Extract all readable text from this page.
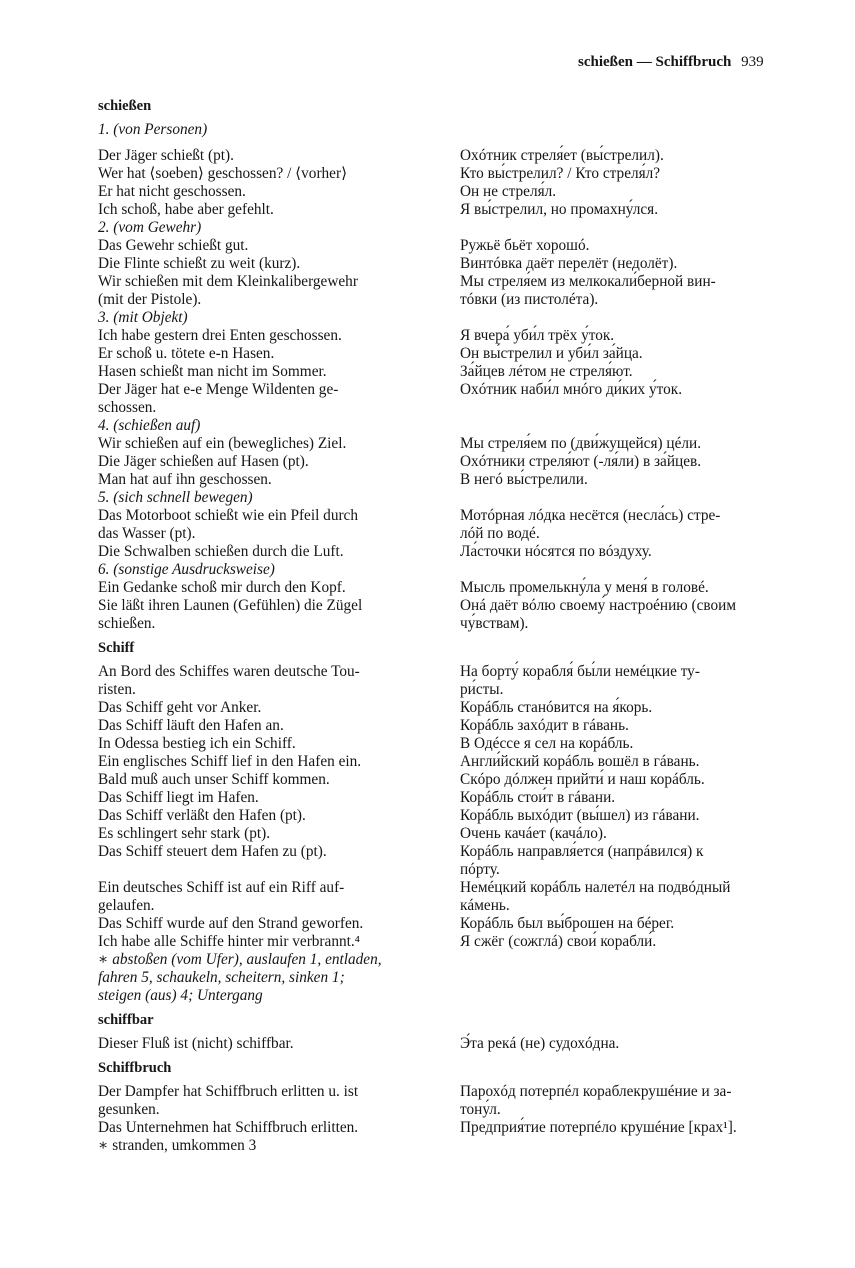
schießen — Schiffbruch 939
schießen
1. (von Personen)
Der Jäger schießt (pt).	Охóтник стреля́ет (вы́стрелил).
Wer hat ⟨soeben⟩ geschossen? / ⟨vorher⟩	Кто вы́стрелил? / Кто стреля́л?
Er hat nicht geschossen.	Он не стреля́л.
Ich schoß, habe aber gefehlt.	Я вы́стрелил, но промахну́лся.
2. (vom Gewehr)
Das Gewehr schießt gut.	Ружьё бьёт хорошó.
Die Flinte schießt zu weit (kurz).	Винтóвка даёт перелёт (недолёт).
Wir schießen mit dem Kleinkalibergewehr	Мы стреля́ем из мелкокали́берной вин-
(mit der Pistole).	тóвки (из пистолéта).
3. (mit Objekt)
Ich habe gestern drei Enten geschossen.	Я вчера́ уби́л трёх у́ток.
Er schoß u. tötete e-n Hasen.	Он вы́стрелил и уби́л за́йца.
Hasen schießt man nicht im Sommer.	За́йцев лéтом не стреля́ют.
Der Jäger hat e-e Menge Wildenten ge-	Охóтник наби́л мнóго ди́ких у́ток.
schossen.
4. (schießen auf)
Wir schießen auf ein (bewegliches) Ziel.	Мы стреля́ем по (дви́жущейся) цéли.
Die Jäger schießen auf Hasen (pt).	Охóтники стреля́ют (-ля́ли) в за́йцев.
Man hat auf ihn geschossen.	В негó вы́стрелили.
5. (sich schnell bewegen)
Das Motorboot schießt wie ein Pfeil durch	Мотóрная лóдка несётся (несла́сь) стре-
das Wasser (pt).	лóй по водé.
Die Schwalben schießen durch die Luft.	Ла́сточки нóсятся по вóздуху.
6. (sonstige Ausdrucksweise)
Ein Gedanke schoß mir durch den Kopf.	Мысль промелькну́ла у меня́ в головé.
Sie läßt ihren Launen (Gefühlen) die Zügel	Онá даёт вóлю своему́ настроéнию (своим
schießen.	чу́вствам).
Schiff
An Bord des Schiffes waren deutsche Tou-	На борту́ корабля́ бы́ли немéцкие ту-
risten.	ри́сты.
Das Schiff geht vor Anker.	Корáбль станóвится на я́корь.
Das Schiff läuft den Hafen an.	Корáбль захóдит в гáвань.
In Odessa bestieg ich ein Schiff.	В Одéссе я сел на корáбль.
Ein englisches Schiff lief in den Hafen ein.	Англи́йский корáбль вошёл в гáвань.
Bald muß auch unser Schiff kommen.	Скóро дóлжен прийти́ и наш корáбль.
Das Schiff liegt im Hafen.	Корáбль стои́т в гáвани.
Das Schiff verläßt den Hafen (pt).	Корáбль выхóдит (вы́шел) из гáвани.
Es schlingert sehr stark (pt).	Очень качáет (качáло).
Das Schiff steuert dem Hafen zu (pt).	Корáбль направля́ется (напрáвился) к
пóрту.
Ein deutsches Schiff ist auf ein Riff auf-	Немéцкий корáбль налетéл на подвóдный
gelaufen.	кáмень.
Das Schiff wurde auf den Strand geworfen.	Корáбль был вы́брошен на бéрег.
Ich habe alle Schiffe hinter mir verbrannt.⁴	Я сжёг (сожглá) свои́ корабли́.
∗ abstoßen (vom Ufer), auslaufen 1, entladen,
fahren 5, schaukeln, scheitern, sinken 1;
steigen (aus) 4; Untergang
schiffbar
Dieser Fluß ist (nicht) schiffbar.	Э́та рекá (не) судохóдна.
Schiffbruch
Der Dampfer hat Schiffbruch erlitten u. ist	Парохóд потерпéл кораблекрушéние и за-
gesunken.	тону́л.
Das Unternehmen hat Schiffbruch erlitten.	Предприя́тие потерпéло крушéние [крах¹].
∗ stranden, umkommen 3
